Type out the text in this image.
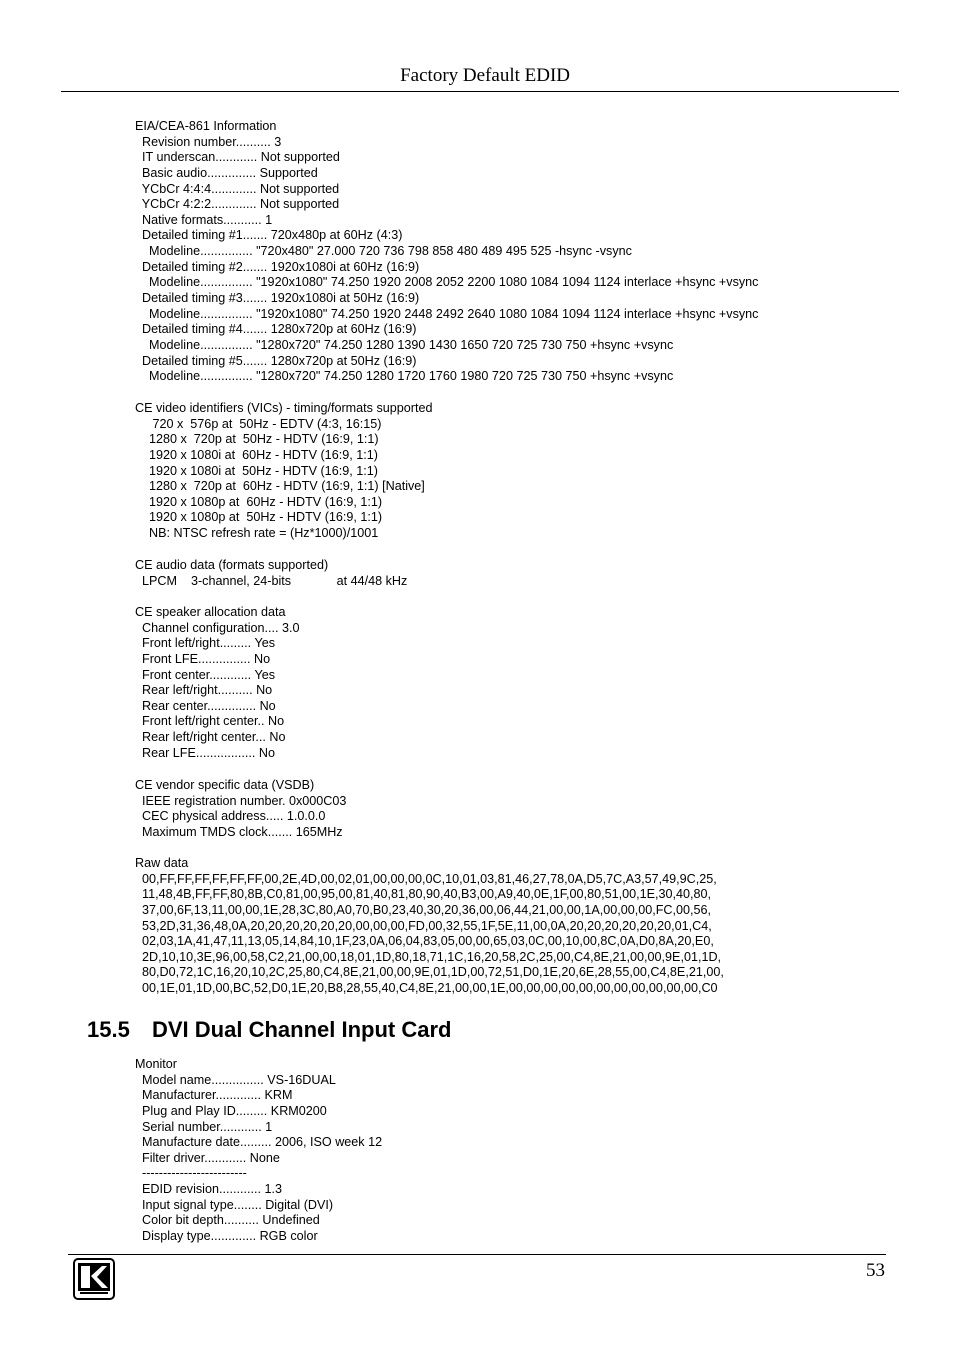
Factory Default EDID
EIA/CEA-861 Information
Revision number.......... 3
IT underscan............ Not supported
Basic audio.............. Supported
YCbCr 4:4:4............. Not supported
YCbCr 4:2:2............. Not supported
Native formats........... 1
Detailed timing #1....... 720x480p at 60Hz (4:3)
Modeline............... "720x480" 27.000 720 736 798 858 480 489 495 525 -hsync -vsync
Detailed timing #2....... 1920x1080i at 60Hz (16:9)
Modeline............... "1920x1080" 74.250 1920 2008 2052 2200 1080 1084 1094 1124 interlace +hsync +vsync
Detailed timing #3....... 1920x1080i at 50Hz (16:9)
Modeline............... "1920x1080" 74.250 1920 2448 2492 2640 1080 1084 1094 1124 interlace +hsync +vsync
Detailed timing #4....... 1280x720p at 60Hz (16:9)
Modeline............... "1280x720" 74.250 1280 1390 1430 1650 720 725 730 750 +hsync +vsync
Detailed timing #5....... 1280x720p at 50Hz (16:9)
Modeline............... "1280x720" 74.250 1280 1720 1760 1980 720 725 730 750 +hsync +vsync
CE video identifiers (VICs) - timing/formats supported
720 x  576p at  50Hz - EDTV (4:3, 16:15)
1280 x  720p at  50Hz - HDTV (16:9, 1:1)
1920 x 1080i at  60Hz - HDTV (16:9, 1:1)
1920 x 1080i at  50Hz - HDTV (16:9, 1:1)
1280 x  720p at  60Hz - HDTV (16:9, 1:1) [Native]
1920 x 1080p at  60Hz - HDTV (16:9, 1:1)
1920 x 1080p at  50Hz - HDTV (16:9, 1:1)
NB: NTSC refresh rate = (Hz*1000)/1001
CE audio data (formats supported)
LPCM    3-channel, 24-bits             at 44/48 kHz
CE speaker allocation data
Channel configuration.... 3.0
Front left/right......... Yes
Front LFE............... No
Front center............ Yes
Rear left/right.......... No
Rear center.............. No
Front left/right center.. No
Rear left/right center... No
Rear LFE................. No
CE vendor specific data (VSDB)
IEEE registration number. 0x000C03
CEC physical address..... 1.0.0.0
Maximum TMDS clock....... 165MHz
Raw data
00,FF,FF,FF,FF,FF,FF,00,2E,4D,00,02,01,00,00,00,0C,10,01,03,81,46,27,78,0A,D5,7C,A3,57,49,9C,25,
11,48,4B,FF,FF,80,8B,C0,81,00,95,00,81,40,81,80,90,40,B3,00,A9,40,0E,1F,00,80,51,00,1E,30,40,80,
37,00,6F,13,11,00,00,1E,28,3C,80,A0,70,B0,23,40,30,20,36,00,06,44,21,00,00,1A,00,00,00,FC,00,56,
53,2D,31,36,48,0A,20,20,20,20,20,20,00,00,00,FD,00,32,55,1F,5E,11,00,0A,20,20,20,20,20,20,01,C4,
02,03,1A,41,47,11,13,05,14,84,10,1F,23,0A,06,04,83,05,00,00,65,03,0C,00,10,00,8C,0A,D0,8A,20,E0,
2D,10,10,3E,96,00,58,C2,21,00,00,18,01,1D,80,18,71,1C,16,20,58,2C,25,00,C4,8E,21,00,00,9E,01,1D,
80,D0,72,1C,16,20,10,2C,25,80,C4,8E,21,00,00,9E,01,1D,00,72,51,D0,1E,20,6E,28,55,00,C4,8E,21,00,
00,1E,01,1D,00,BC,52,D0,1E,20,B8,28,55,40,C4,8E,21,00,00,1E,00,00,00,00,00,00,00,00,00,00,00,C0
15.5 DVI Dual Channel Input Card
Monitor
Model name............... VS-16DUAL
Manufacturer............. KRM
Plug and Play ID......... KRM0200
Serial number............ 1
Manufacture date......... 2006, ISO week 12
Filter driver............ None
-------------------------
EDID revision............ 1.3
Input signal type........ Digital (DVI)
Color bit depth.......... Undefined
Display type............. RGB color
53
